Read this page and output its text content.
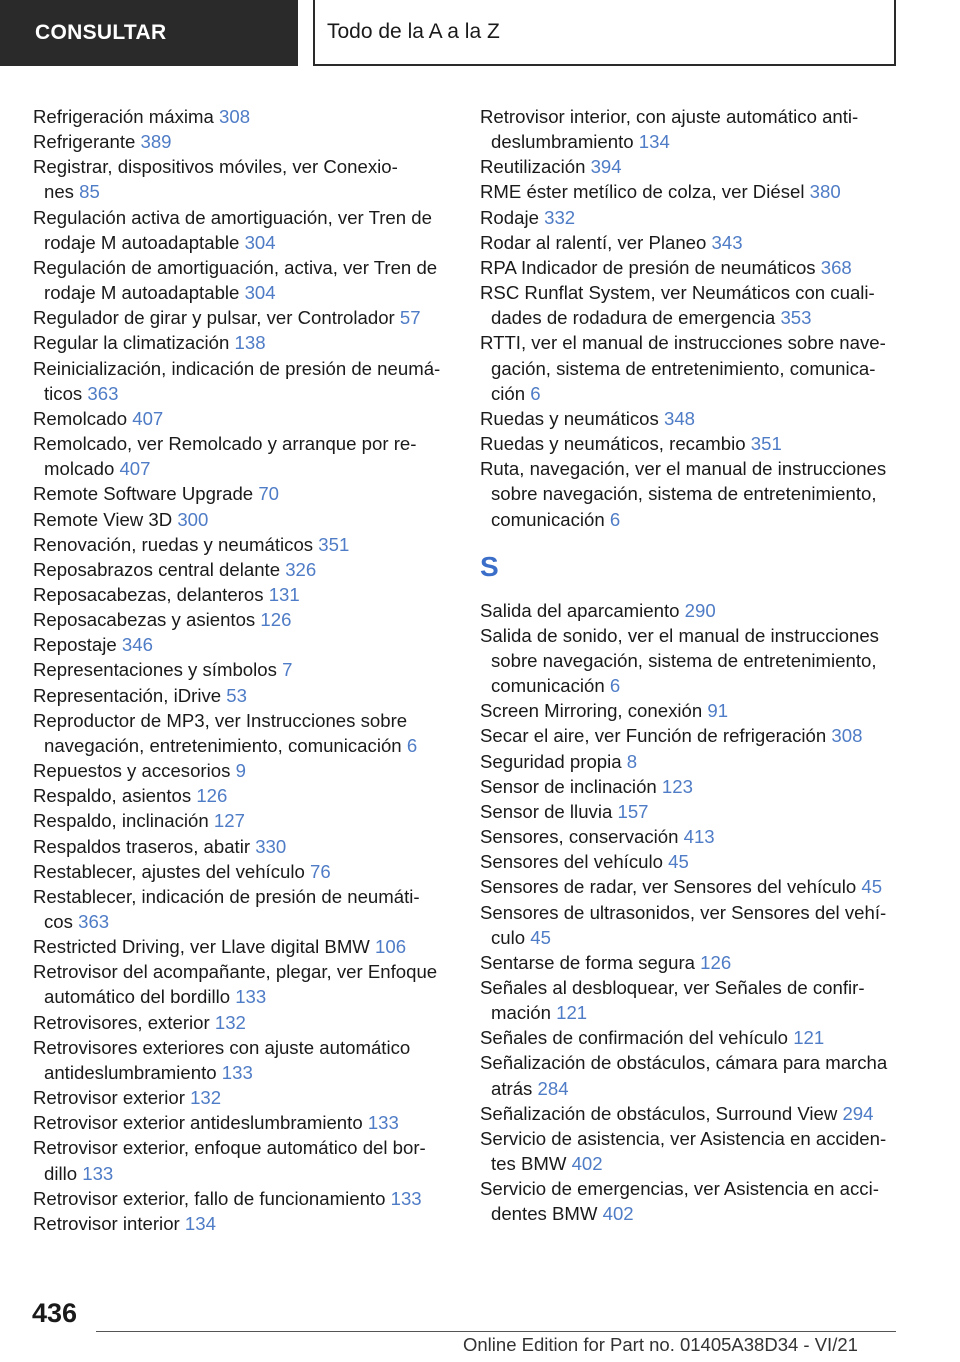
CONSULTAR	Todo de la A a la Z
Refrigeración máxima 308
Refrigerante 389
Registrar, dispositivos móviles, ver Conexio-
nes 85
Regulación activa de amortiguación, ver Tren de
rodaje M autoadaptable 304
Regulación de amortiguación, activa, ver Tren de
rodaje M autoadaptable 304
Regulador de girar y pulsar, ver Controlador 57
Regular la climatización 138
Reinicialización, indicación de presión de neumá-
ticos 363
Remolcado 407
Remolcado, ver Remolcado y arranque por re-
molcado 407
Remote Software Upgrade 70
Remote View 3D 300
Renovación, ruedas y neumáticos 351
Reposabrazos central delante 326
Reposacabezas, delanteros 131
Reposacabezas y asientos 126
Repostaje 346
Representaciones y símbolos 7
Representación, iDrive 53
Reproductor de MP3, ver Instrucciones sobre
navegación, entretenimiento, comunicación 6
Repuestos y accesorios 9
Respaldo, asientos 126
Respaldo, inclinación 127
Respaldos traseros, abatir 330
Restablecer, ajustes del vehículo 76
Restablecer, indicación de presión de neumáti-
cos 363
Restricted Driving, ver Llave digital BMW 106
Retrovisor del acompañante, plegar, ver Enfoque
automático del bordillo 133
Retrovisores, exterior 132
Retrovisores exteriores con ajuste automático
antideslumbramiento 133
Retrovisor exterior 132
Retrovisor exterior antideslumbramiento 133
Retrovisor exterior, enfoque automático del bor-
dillo 133
Retrovisor exterior, fallo de funcionamiento 133
Retrovisor interior 134
Retrovisor interior, con ajuste automático anti-
deslumbramiento 134
Reutilización 394
RME éster metílico de colza, ver Diésel 380
Rodaje 332
Rodar al ralentí, ver Planeo 343
RPA Indicador de presión de neumáticos 368
RSC Runflat System, ver Neumáticos con cuali-
dades de rodadura de emergencia 353
RTTI, ver el manual de instrucciones sobre nave-
gación, sistema de entretenimiento, comunica-
ción 6
Ruedas y neumáticos 348
Ruedas y neumáticos, recambio 351
Ruta, navegación, ver el manual de instrucciones
sobre navegación, sistema de entretenimiento,
comunicación 6
S
Salida del aparcamiento 290
Salida de sonido, ver el manual de instrucciones
sobre navegación, sistema de entretenimiento,
comunicación 6
Screen Mirroring, conexión 91
Secar el aire, ver Función de refrigeración 308
Seguridad propia 8
Sensor de inclinación 123
Sensor de lluvia 157
Sensores, conservación 413
Sensores del vehículo 45
Sensores de radar, ver Sensores del vehículo 45
Sensores de ultrasonidos, ver Sensores del vehí-
culo 45
Sentarse de forma segura 126
Señales al desbloquear, ver Señales de confir-
mación 121
Señales de confirmación del vehículo 121
Señalización de obstáculos, cámara para marcha
atrás 284
Señalización de obstáculos, Surround View 294
Servicio de asistencia, ver Asistencia en acciden-
tes BMW 402
Servicio de emergencias, ver Asistencia en acci-
dentes BMW 402
436
Online Edition for Part no. 01405A38D34 - VI/21
